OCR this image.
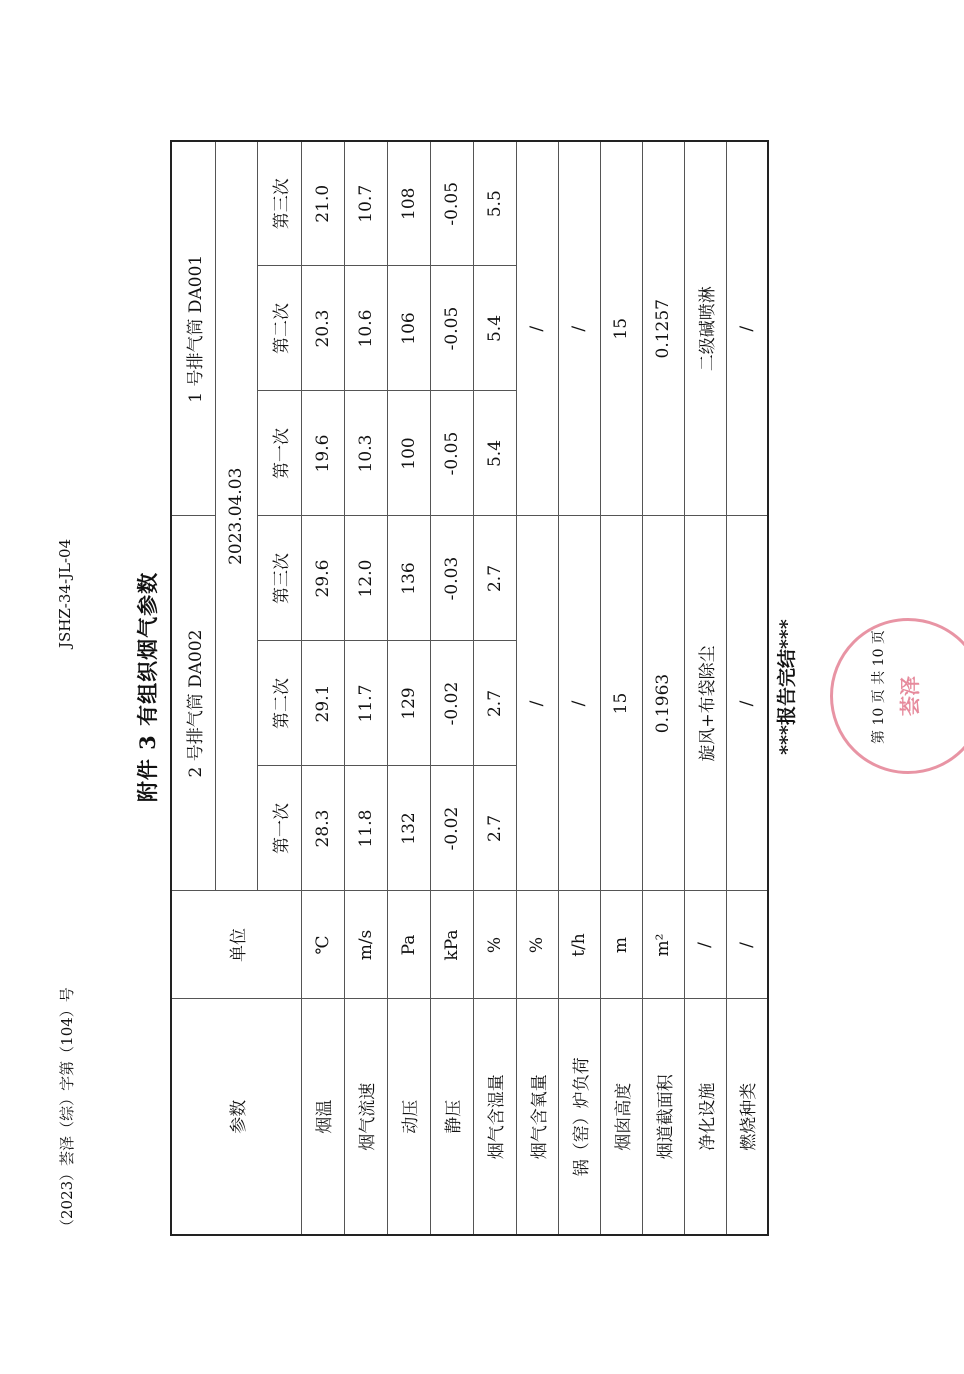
（2023）荟泽（综）字第（104）号
JSHZ-34-JL-04	附件 3 有组织烟气参数
参数	单位	2 号排气筒 DA002			1 号排气筒 DA001		
		2023.04.03					
		第一次	第二次	第三次	第一次	第二次	第三次
烟温	℃	28.3	29.1	29.6	19.6	20.3	21.0
烟气流速	m/s	11.8	11.7	12.0	10.3	10.6	10.7
动压	Pa	132	129	136	100	106	108
静压	kPa	-0.02	-0.02	-0.03	-0.05	-0.05	-0.05
烟气含湿量	%	2.7	2.7	2.7	5.4	5.4	5.5
烟气含氧量	%	/			/		
锅（窑）炉负荷	t/h	/			/		
烟囱高度	m	15			15		
烟道截面积	m²	0.1963			0.1257		
净化设施	/	旋风+布袋除尘			二级碱喷淋		
燃烧种类	/	/			/		
***报告完结***	第 10 页 共 10 页 荟泽
